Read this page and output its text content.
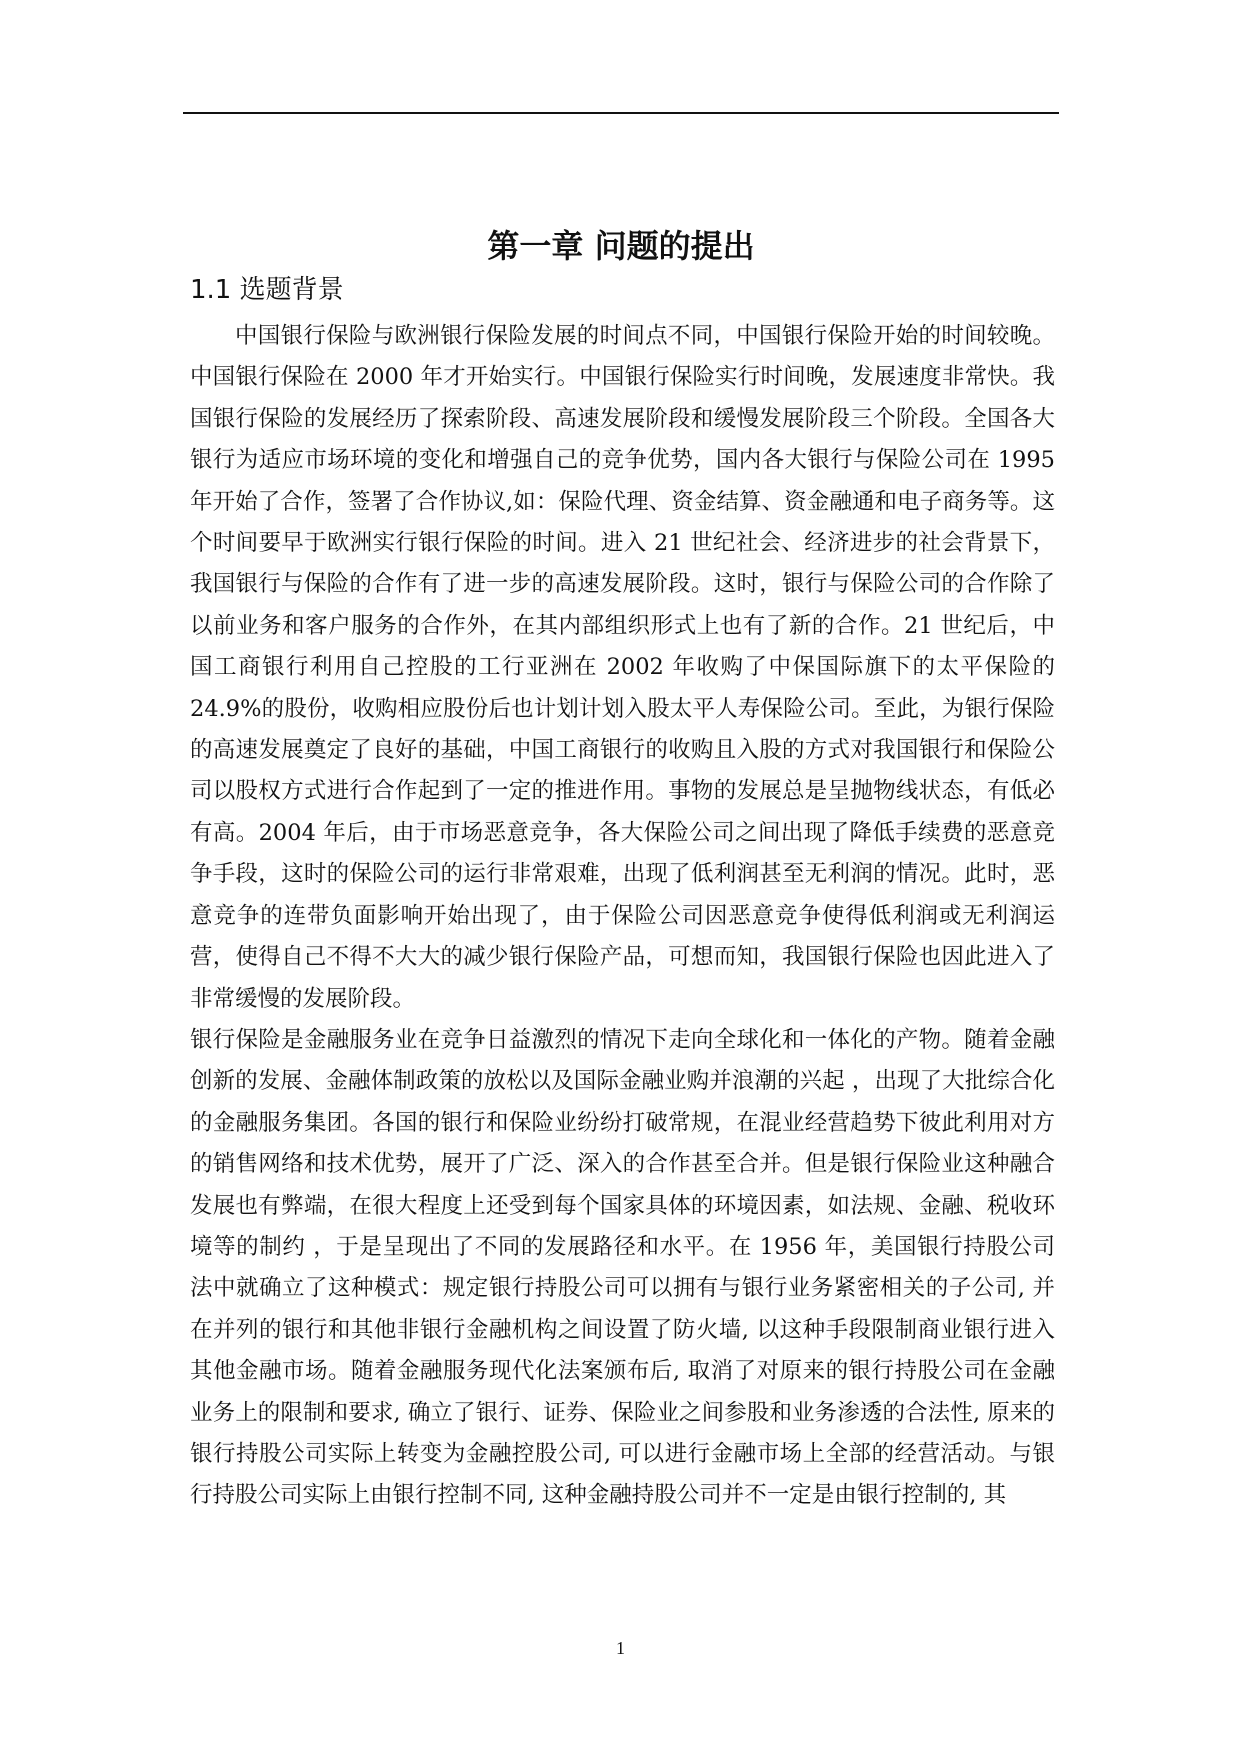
第一章 问题的提出
1.1 选题背景

中国银行保险与欧洲银行保险发展的时间点不同，中国银行保险开始的时间较晚。中国银行保险在 2000 年才开始实行。中国银行保险实行时间晚，发展速度非常快。我国银行保险的发展经历了探索阶段、高速发展阶段和缓慢发展阶段三个阶段。全国各大银行为适应市场环境的变化和增强自己的竞争优势，国内各大银行与保险公司在 1995 年开始了合作，签署了合作协议,如：保险代理、资金结算、资金融通和电子商务等。这个时间要早于欧洲实行银行保险的时间。进入 21 世纪社会、经济进步的社会背景下，我国银行与保险的合作有了进一步的高速发展阶段。这时，银行与保险公司的合作除了以前业务和客户服务的合作外，在其内部组织形式上也有了新的合作。21 世纪后，中国工商银行利用自己控股的工行亚洲在 2002 年收购了中保国际旗下的太平保险的 24.9%的股份，收购相应股份后也计划计划入股太平人寿保险公司。至此，为银行保险的高速发展奠定了良好的基础，中国工商银行的收购且入股的方式对我国银行和保险公司以股权方式进行合作起到了一定的推进作用。事物的发展总是呈抛物线状态，有低必有高。2004 年后，由于市场恶意竞争，各大保险公司之间出现了降低手续费的恶意竞争手段，这时的保险公司的运行非常艰难，出现了低利润甚至无利润的情况。此时，恶意竞争的连带负面影响开始出现了，由于保险公司因恶意竞争使得低利润或无利润运营，使得自己不得不大大的减少银行保险产品，可想而知，我国银行保险也因此进入了非常缓慢的发展阶段。

银行保险是金融服务业在竞争日益激烈的情况下走向全球化和一体化的产物。随着金融创新的发展、金融体制政策的放松以及国际金融业购并浪潮的兴起 ，出现了大批综合化的金融服务集团。各国的银行和保险业纷纷打破常规，在混业经营趋势下彼此利用对方的销售网络和技术优势，展开了广泛、深入的合作甚至合并。但是银行保险业这种融合发展也有弊端，在很大程度上还受到每个国家具体的环境因素，如法规、金融、税收环境等的制约 ，于是呈现出了不同的发展路径和水平。在 1956 年，美国银行持股公司法中就确立了这种模式：规定银行持股公司可以拥有与银行业务紧密相关的子公司, 并在并列的银行和其他非银行金融机构之间设置了防火墙, 以这种手段限制商业银行进入其他金融市场。随着金融服务现代化法案颁布后, 取消了对原来的银行持股公司在金融业务上的限制和要求, 确立了银行、证券、保险业之间参股和业务渗透的合法性, 原来的银行持股公司实际上转变为金融控股公司, 可以进行金融市场上全部的经营活动。与银行持股公司实际上由银行控制不同, 这种金融持股公司并不一定是由银行控制的, 其

1
